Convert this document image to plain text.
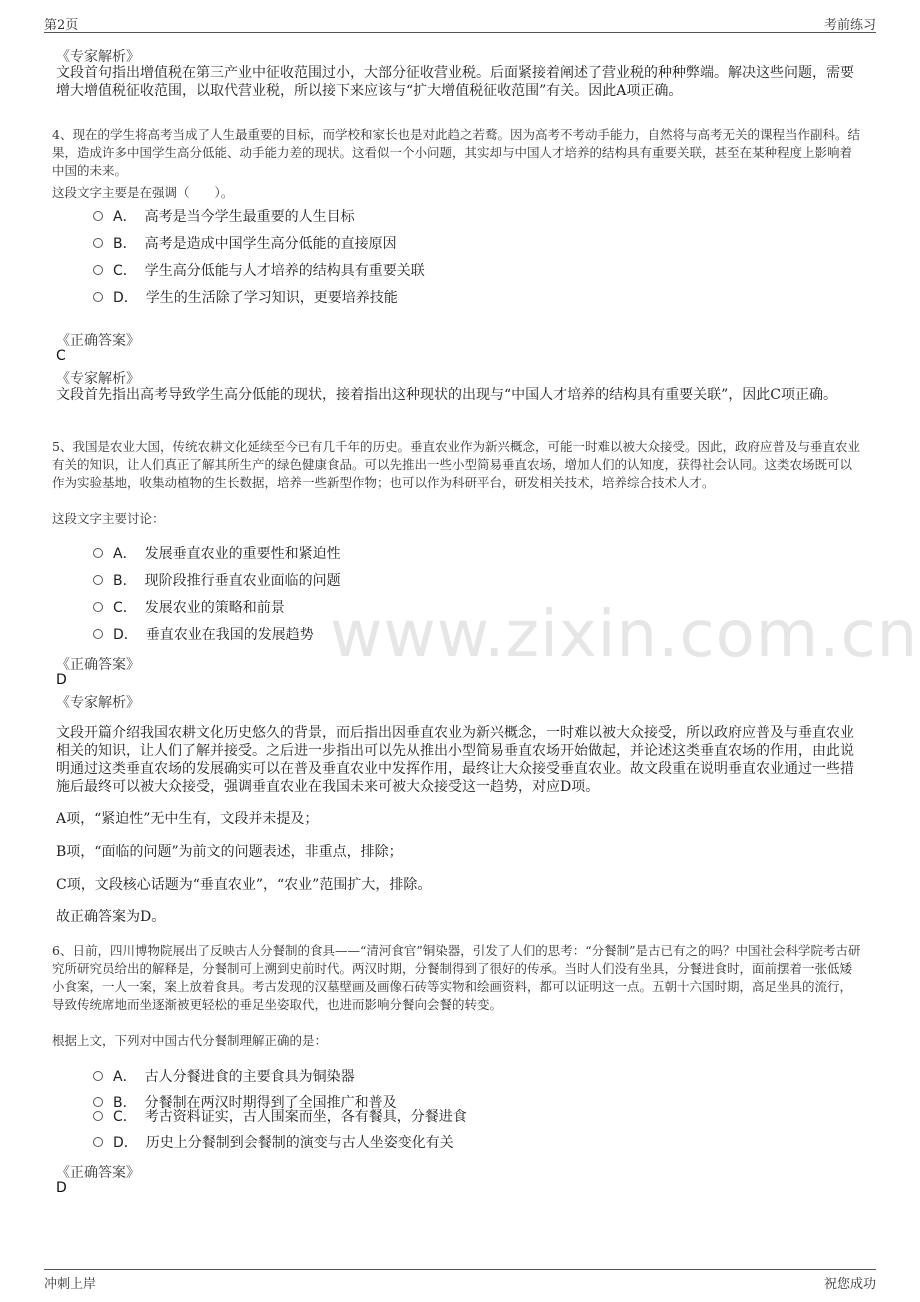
第2页	考前练习
www.zixin.com.cn
《专家解析》
文段首句指出增值税在第三产业中征收范围过小，大部分征收营业税。后面紧接着阐述了营业税的种种弊端。解决这些问题，需要增大增值税征收范围，以取代营业税，所以接下来应该与“扩大增值税征收范围”有关。因此A项正确。
4、现在的学生将高考当成了人生最重要的目标，而学校和家长也是对此趋之若鹜。因为高考不考动手能力，自然将与高考无关的课程当作副科。结果，造成许多中国学生高分低能、动手能力差的现状。这看似一个小问题，其实却与中国人才培养的结构具有重要关联，甚至在某种程度上影响着中国的未来。
这段文字主要是在强调（　　）。
A． 高考是当今学生最重要的人生目标
B． 高考是造成中国学生高分低能的直接原因
C． 学生高分低能与人才培养的结构具有重要关联
D． 学生的生活除了学习知识，更要培养技能
《正确答案》
C
《专家解析》
文段首先指出高考导致学生高分低能的现状，接着指出这种现状的出现与“中国人才培养的结构具有重要关联”，因此C项正确。
5、我国是农业大国，传统农耕文化延续至今已有几千年的历史。垂直农业作为新兴概念，可能一时难以被大众接受。因此，政府应普及与垂直农业有关的知识，让人们真正了解其所生产的绿色健康食品。可以先推出一些小型简易垂直农场，增加人们的认知度，获得社会认同。这类农场既可以作为实验基地，收集动植物的生长数据，培养一些新型作物；也可以作为科研平台，研发相关技术，培养综合技术人才。
这段文字主要讨论：
A． 发展垂直农业的重要性和紧迫性
B． 现阶段推行垂直农业面临的问题
C． 发展农业的策略和前景
D． 垂直农业在我国的发展趋势
《正确答案》
D
《专家解析》
文段开篇介绍我国农耕文化历史悠久的背景，而后指出因垂直农业为新兴概念，一时难以被大众接受，所以政府应普及与垂直农业相关的知识，让人们了解并接受。之后进一步指出可以先从推出小型简易垂直农场开始做起，并论述这类垂直农场的作用，由此说明通过这类垂直农场的发展确实可以在普及垂直农业中发挥作用，最终让大众接受垂直农业。故文段重在说明垂直农业通过一些措施后最终可以被大众接受，强调垂直农业在我国未来可被大众接受这一趋势，对应D项。
A项，“紧迫性”无中生有，文段并未提及；
B项，“面临的问题”为前文的问题表述，非重点，排除；
C项，文段核心话题为“垂直农业”，“农业”范围扩大，排除。
故正确答案为D。
6、日前，四川博物院展出了反映古人分餐制的食具——“清河食官”铜染器，引发了人们的思考：“分餐制”是古已有之的吗？中国社会科学院考古研究所研究员给出的解释是，分餐制可上溯到史前时代。两汉时期，分餐制得到了很好的传承。当时人们没有坐具，分餐进食时，面前摆着一张低矮小食案，一人一案，案上放着食具。考古发现的汉墓壁画及画像石砖等实物和绘画资料，都可以证明这一点。五朝十六国时期，高足坐具的流行，导致传统席地而坐逐渐被更轻松的垂足坐姿取代，也进而影响分餐向会餐的转变。
根据上文，下列对中国古代分餐制理解正确的是：
A． 古人分餐进食的主要食具为铜染器
B． 分餐制在两汉时期得到了全国推广和普及
C． 考古资料证实，古人围案而坐，各有餐具，分餐进食
D． 历史上分餐制到会餐制的演变与古人坐姿变化有关
《正确答案》
D
冲刺上岸	祝您成功
